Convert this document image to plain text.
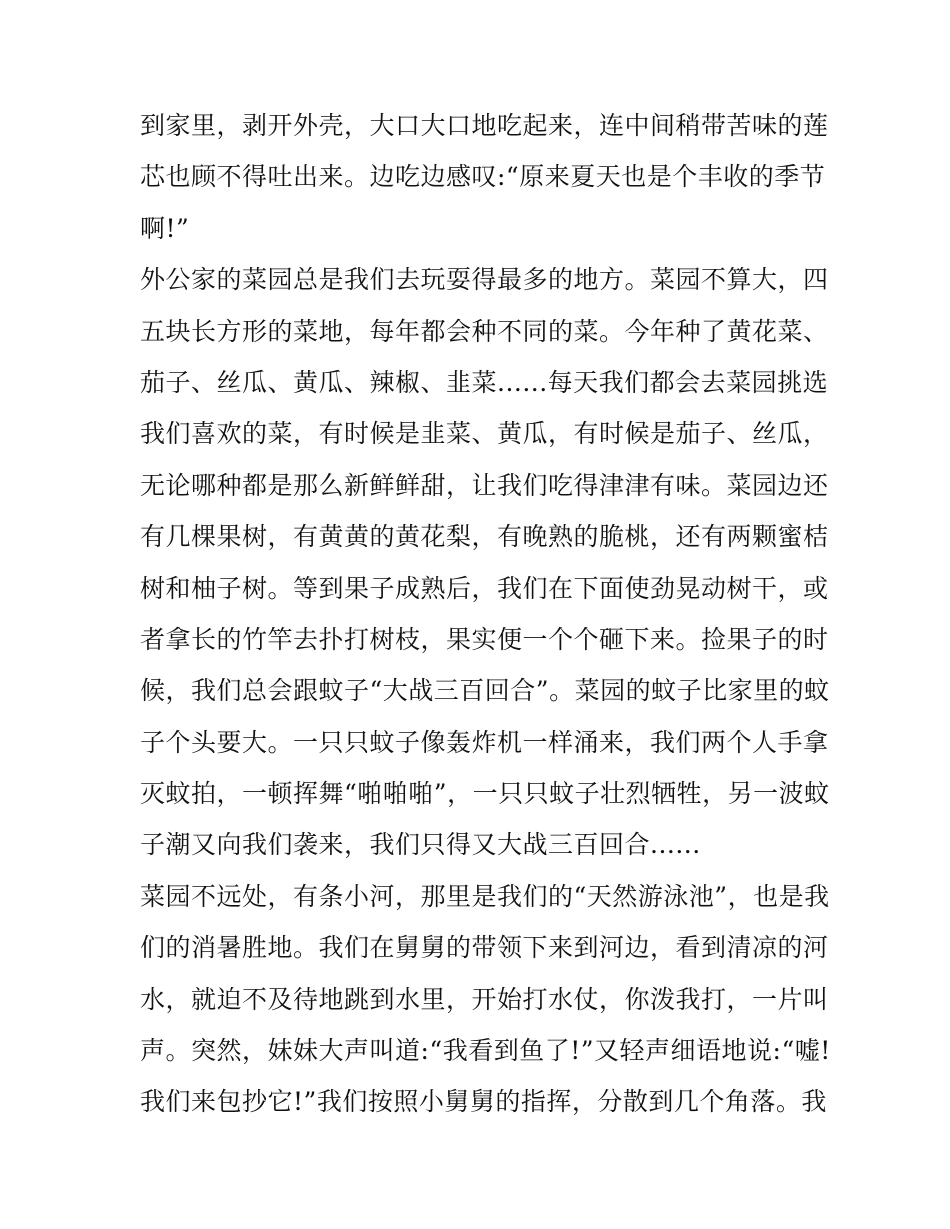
到家里，剥开外壳，大口大口地吃起来，连中间稍带苦味的莲
芯也顾不得吐出来。边吃边感叹:“原来夏天也是个丰收的季节
啊!”
外公家的菜园总是我们去玩耍得最多的地方。菜园不算大，四
五块长方形的菜地，每年都会种不同的菜。今年种了黄花菜、
茄子、丝瓜、黄瓜、辣椒、韭菜......每天我们都会去菜园挑选
我们喜欢的菜，有时候是韭菜、黄瓜，有时候是茄子、丝瓜，
无论哪种都是那么新鲜鲜甜，让我们吃得津津有味。菜园边还
有几棵果树，有黄黄的黄花梨，有晚熟的脆桃，还有两颗蜜桔
树和柚子树。等到果子成熟后，我们在下面使劲晃动树干，或
者拿长的竹竿去扑打树枝，果实便一个个砸下来。捡果子的时
候，我们总会跟蚊子“大战三百回合”。菜园的蚊子比家里的蚊
子个头要大。一只只蚊子像轰炸机一样涌来，我们两个人手拿
灭蚊拍，一顿挥舞“啪啪啪”，一只只蚊子壮烈牺牲，另一波蚊
子潮又向我们袭来，我们只得又大战三百回合......
菜园不远处，有条小河，那里是我们的“天然游泳池”，也是我
们的消暑胜地。我们在舅舅的带领下来到河边，看到清凉的河
水，就迫不及待地跳到水里，开始打水仗，你泼我打，一片叫
声。突然，妹妹大声叫道:“我看到鱼了!”又轻声细语地说:“嘘!
我们来包抄它!”我们按照小舅舅的指挥，分散到几个角落。我
